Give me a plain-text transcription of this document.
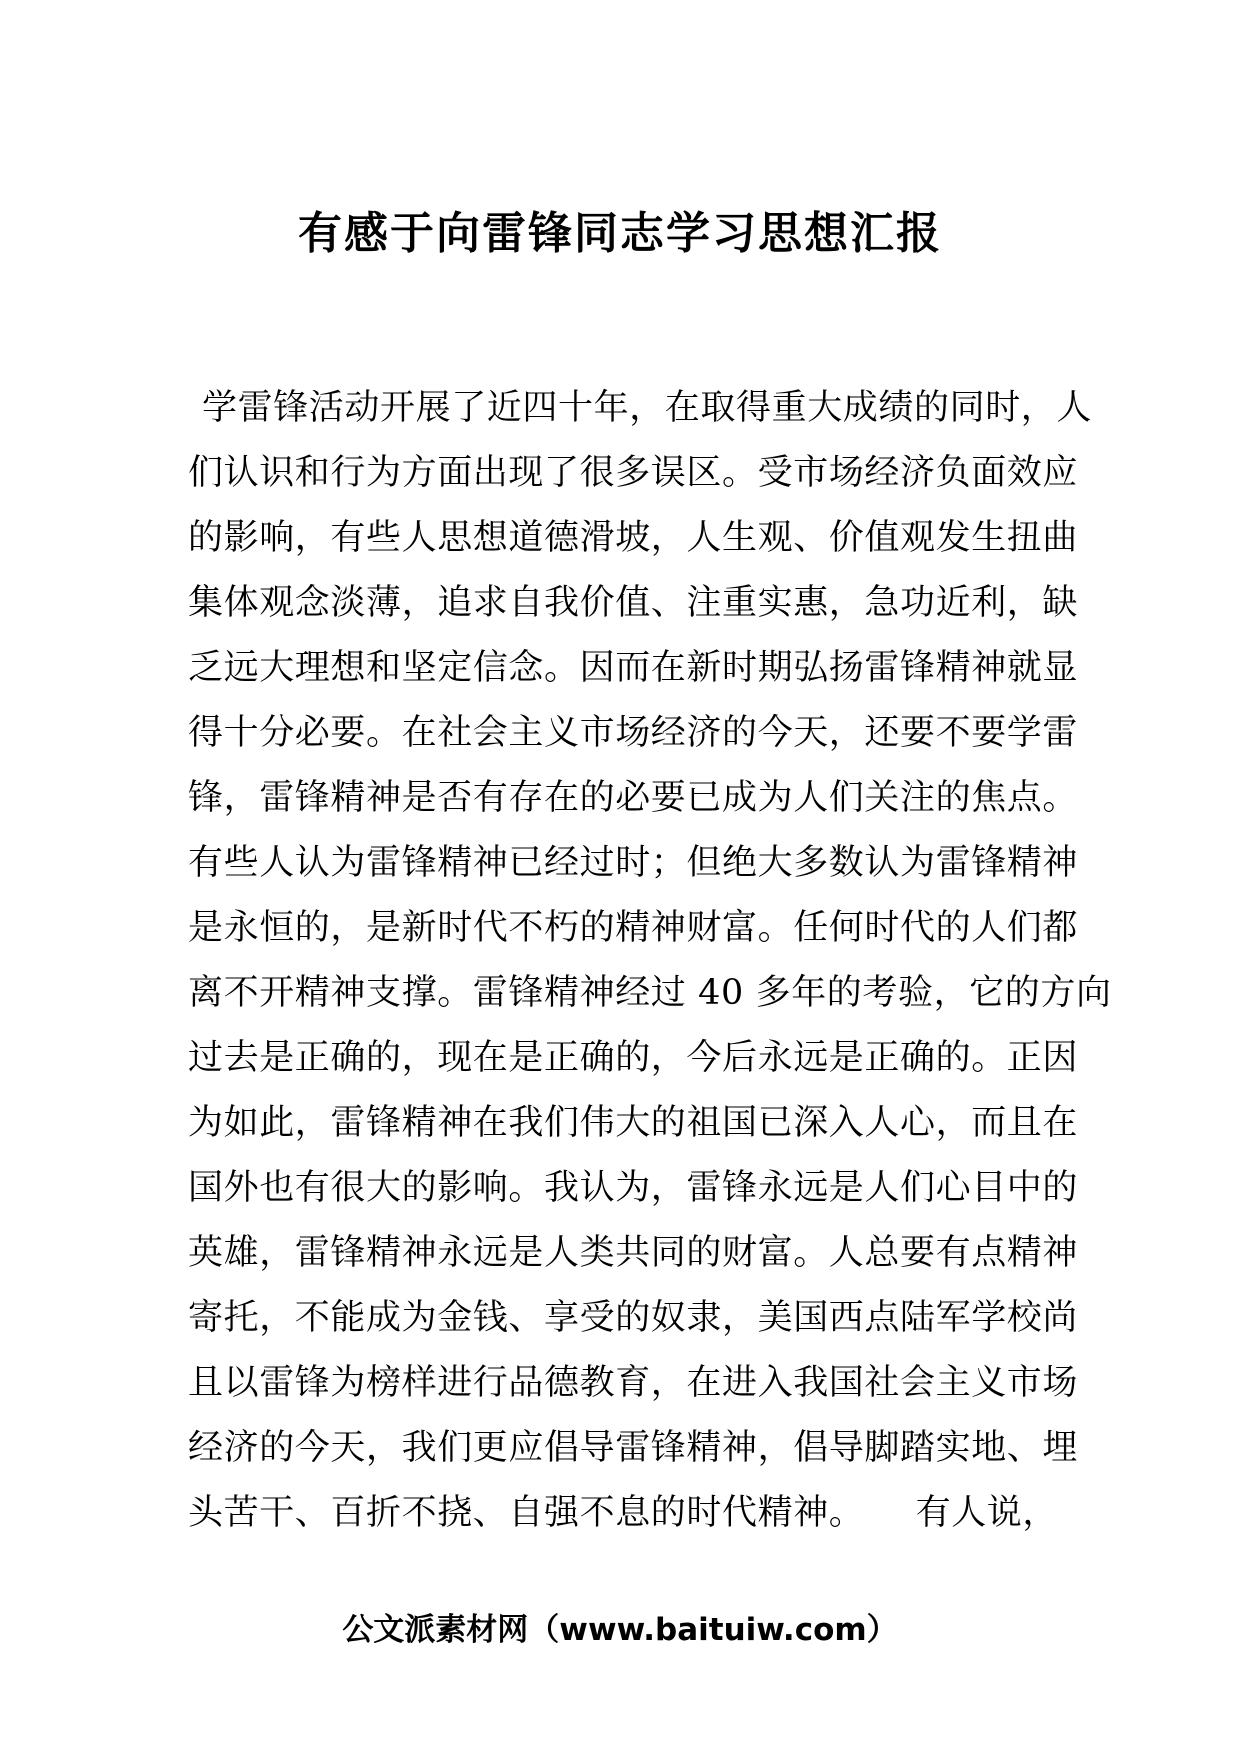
有感于向雷锋同志学习思想汇报
学雷锋活动开展了近四十年，在取得重大成绩的同时，人
们认识和行为方面出现了很多误区。受市场经济负面效应
的影响，有些人思想道德滑坡，人生观、价值观发生扭曲
集体观念淡薄，追求自我价值、注重实惠，急功近利，缺
乏远大理想和坚定信念。因而在新时期弘扬雷锋精神就显
得十分必要。在社会主义市场经济的今天，还要不要学雷
锋，雷锋精神是否有存在的必要已成为人们关注的焦点。
有些人认为雷锋精神已经过时；但绝大多数认为雷锋精神
是永恒的，是新时代不朽的精神财富。任何时代的人们都
离不开精神支撑。雷锋精神经过 40 多年的考验，它的方向
过去是正确的，现在是正确的，今后永远是正确的。正因
为如此，雷锋精神在我们伟大的祖国已深入人心，而且在
国外也有很大的影响。我认为，雷锋永远是人们心目中的
英雄，雷锋精神永远是人类共同的财富。人总要有点精神
寄托，不能成为金钱、享受的奴隶，美国西点陆军学校尚
且以雷锋为榜样进行品德教育，在进入我国社会主义市场
经济的今天，我们更应倡导雷锋精神，倡导脚踏实地、埋
头苦干、百折不挠、自强不息的时代精神。 有人说，
公文派素材网（www.baituiw.com）
